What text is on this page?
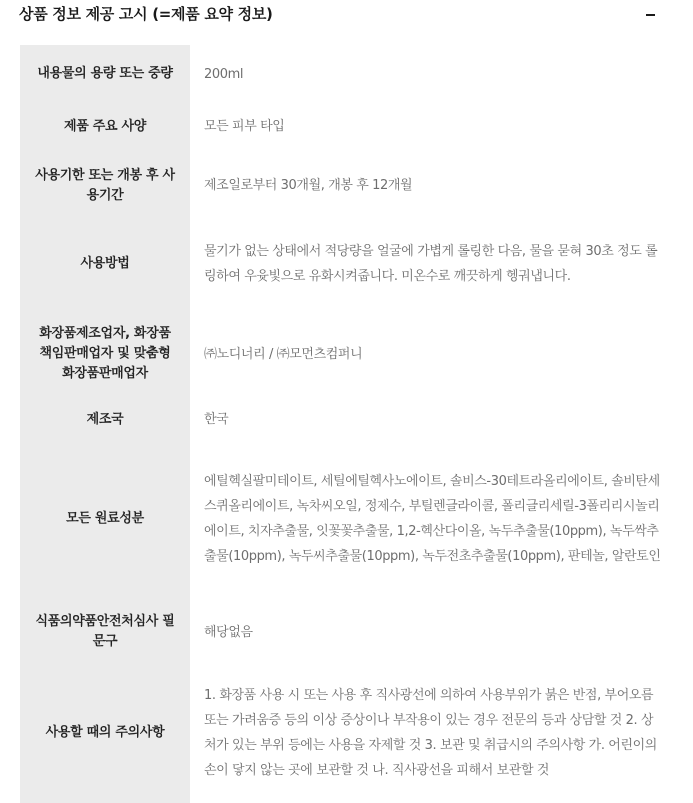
상품 정보 제공 고시 (=제품 요약 정보)
내용물의 용량 또는 중량	200ml
제품 주요 사양	모든 피부 타입
사용기한 또는 개봉 후 사용기간	제조일로부터 30개월, 개봉 후 12개월
사용방법	물기가 없는 상태에서 적당량을 얼굴에 가볍게 롤링한 다음, 물을 묻혀 30초 정도 롤링하여 우윳빛으로 유화시켜줍니다. 미온수로 깨끗하게 헹궈냅니다.
화장품제조업자, 화장품책임판매업자 및 맞춤형 화장품판매업자	㈜노디너리 / ㈜모먼츠컴퍼니
제조국	한국
모든 원료성분	에틸헥실팔미테이트, 세틸에틸헥사노에이트, 솔비스-30테트라올리에이트, 솔비탄세스퀴올리에이트, 녹차씨오일, 정제수, 부틸렌글라이콜, 폴리글리세릴-3폴리리시놀리에이트, 치자추출물, 잇꽃꽃추출물, 1,2-헥산다이올, 녹두추출물(10ppm), 녹두싹추출물(10ppm), 녹두씨추출물(10ppm), 녹두전초추출물(10ppm), 판테놀, 알란토인
식품의약품안전처심사 필 문구	해당없음
사용할 때의 주의사항	1. 화장품 사용 시 또는 사용 후 직사광선에 의하여 사용부위가 붉은 반점, 부어오름 또는 가려움증 등의 이상 증상이나 부작용이 있는 경우 전문의 등과 상담할 것 2. 상처가 있는 부위 등에는 사용을 자제할 것 3. 보관 및 취급시의 주의사항 가. 어린이의 손이 닿지 않는 곳에 보관할 것 나. 직사광선을 피해서 보관할 것
